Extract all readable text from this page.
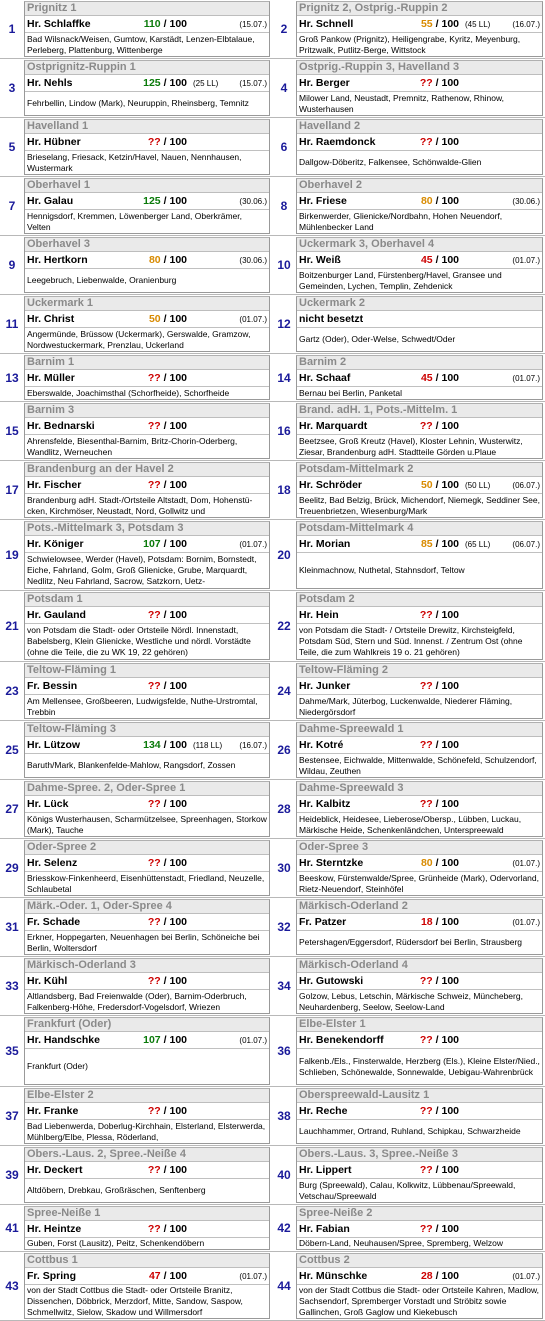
1
Prignitz 1
Hr. Schlaffke	110 / 100	(15.07.)
Bad Wilsnack/Weisen, Gumtow, Karstädt, Lenzen-Elbtalaue, Perleberg, Plattenburg, Wittenberge
2
Prignitz 2, Ostprig.-Ruppin 2
Hr. Schnell	55 / 100 (45 LL)	(16.07.)
Groß Pankow (Prignitz), Heiligengrabe, Kyritz, Meyenburg, Pritzwalk, Putlitz-Berge, Wittstock
3
Ostprignitz-Ruppin 1
Hr. Nehls	125 / 100 (25 LL)	(15.07.)
Fehrbellin, Lindow (Mark), Neuruppin, Rheinsberg, Temnitz
4
Ostprig.-Ruppin 3, Havelland 3
Hr. Berger	?? / 100
Milower Land, Neustadt, Premnitz, Rathenow, Rhinow, Wusterhausen
5
Havelland 1
Hr. Hübner	?? / 100
Brieselang, Friesack, Ketzin/Havel, Nauen, Nennhausen, Wustermark
6
Havelland 2
Hr. Raemdonck	?? / 100
Dallgow-Döberitz, Falkensee, Schönwalde-Glien
7
Oberhavel 1
Hr. Galau	125 / 100	(30.06.)
Hennigsdorf, Kremmen, Löwenberger Land, Oberkrämer, Velten
8
Oberhavel 2
Hr. Friese	80 / 100	(30.06.)
Birkenwerder, Glienicke/Nordbahn, Hohen Neuendorf, Mühlenbecker Land
9
Oberhavel 3
Hr. Hertkorn	80 / 100	(30.06.)
Leegebruch, Liebenwalde, Oranienburg
10
Uckermark 3, Oberhavel 4
Hr. Weiß	45 / 100	(01.07.)
Boitzenburger Land, Fürstenberg/Havel, Gransee und Gemeinden, Lychen, Templin, Zehdenick
11
Uckermark 1
Hr. Christ	50 / 100	(01.07.)
Angermünde, Brüssow (Uckermark), Gerswalde, Gramzow, Nordwestuckermark, Prenzlau, Uckerland
12
Uckermark 2
nicht besetzt
Gartz (Oder), Oder-Welse, Schwedt/Oder
13
Barnim 1
Hr. Müller	?? / 100
Eberswalde, Joachimsthal (Schorfheide), Schorfheide
14
Barnim 2
Hr. Schaaf	45 / 100	(01.07.)
Bernau bei Berlin, Panketal
15
Barnim 3
Hr. Bednarski	?? / 100
Ahrensfelde, Biesenthal-Barnim, Britz-Chorin-Oderberg, Wandlitz, Werneuchen
16
Brand. adH. 1, Pots.-Mittelm. 1
Hr. Marquardt	?? / 100
Beetzsee, Groß Kreutz (Havel), Kloster Lehnin, Wusterwitz, Ziesar, Brandenburg adH. Stadtteile Görden u.Plaue
17
Brandenburg an der Havel 2
Hr. Fischer	?? / 100
Brandenburg adH. Stadt-/Ortsteile Altstadt, Dom, Hohenstü-cken, Kirchmöser, Neustadt, Nord, Gollwitz und
18
Potsdam-Mittelmark 2
Hr. Schröder	50 / 100 (50 LL)	(06.07.)
Beelitz, Bad Belzig, Brück, Michendorf, Niemegk, Seddiner See, Treuenbrietzen, Wiesenburg/Mark
19
Pots.-Mittelmark 3, Potsdam 3
Hr. Königer	107 / 100	(01.07.)
Schwielowsee, Werder (Havel), Potsdam: Bornim, Bornstedt, Eiche, Fahrland, Golm, Groß Glienicke, Grube, Marquardt, Nedlitz, Neu Fahrland, Sacrow, Satzkorn, Uetz-
20
Potsdam-Mittelmark 4
Hr. Morian	85 / 100 (65 LL)	(06.07.)
Kleinmachnow, Nuthetal, Stahnsdorf, Teltow
21
Potsdam 1
Hr. Gauland	?? / 100
von Potsdam die Stadt- oder Ortsteile Nördl. Innenstadt, Babelsberg, Klein Glienicke, Westliche und nördl. Vorstädte (ohne die Teile, die zu WK 19, 22 gehören)
22
Potsdam 2
Hr. Hein	?? / 100
von Potsdam die Stadt- / Ortsteile Drewitz, Kirchsteigfeld, Potsdam Süd, Stern und Süd. Innenst. / Zentrum Ost (ohne Teile, die zum Wahlkreis 19 o. 21 gehören)
23
Teltow-Fläming 1
Fr. Bessin	?? / 100
Am Mellensee, Großbeeren, Ludwigsfelde, Nuthe-Urstromtal, Trebbin
24
Teltow-Fläming 2
Hr. Junker	?? / 100
Dahme/Mark, Jüterbog, Luckenwalde, Niederer Fläming, Niedergörsdorf
25
Teltow-Fläming 3
Hr. Lützow	134 / 100 (118 LL)	(16.07.)
Baruth/Mark, Blankenfelde-Mahlow, Rangsdorf, Zossen
26
Dahme-Spreewald 1
Hr. Kotré	?? / 100
Bestensee, Eichwalde, Mittenwalde, Schönefeld, Schulzendorf, Wildau, Zeuthen
27
Dahme-Spree. 2, Oder-Spree 1
Hr. Lück	?? / 100
Königs Wusterhausen, Scharmützelsee, Spreenhagen, Storkow (Mark), Tauche
28
Dahme-Spreewald 3
Hr. Kalbitz	?? / 100
Heideblick, Heidesee, Lieberose/Obersp., Lübben, Luckau, Märkische Heide, Schenkenländchen, Unterspreewald
29
Oder-Spree 2
Hr. Selenz	?? / 100
Briesskow-Finkenheerd, Eisenhüttenstadt, Friedland, Neuzelle, Schlaubetal
30
Oder-Spree 3
Hr. Sterntzke	80 / 100	(01.07.)
Beeskow, Fürstenwalde/Spree, Grünheide (Mark), Odervorland, Rietz-Neuendorf, Steinhöfel
31
Märk.-Oder. 1, Oder-Spree 4
Fr. Schade	?? / 100
Erkner, Hoppegarten, Neuenhagen bei Berlin, Schöneiche bei Berlin, Woltersdorf
32
Märkisch-Oderland 2
Fr. Patzer	18 / 100	(01.07.)
Petershagen/Eggersdorf, Rüdersdorf bei Berlin, Strausberg
33
Märkisch-Oderland 3
Hr. Kühl	?? / 100
Altlandsberg, Bad Freienwalde (Oder), Barnim-Oderbruch, Falkenberg-Höhe, Fredersdorf-Vogelsdorf, Wriezen
34
Märkisch-Oderland 4
Hr. Gutowski	?? / 100
Golzow, Lebus, Letschin, Märkische Schweiz, Müncheberg, Neuhardenberg, Seelow, Seelow-Land
35
Frankfurt (Oder)
Hr. Handschke	107 / 100	(01.07.)
Frankfurt (Oder)
36
Elbe-Elster 1
Hr. Benekendorff	?? / 100
Falkenb./Els., Finsterwalde, Herzberg (Els.), Kleine Elster/Nied., Schlieben, Schönewalde, Sonnewalde, Uebigau-Wahrenbrück
37
Elbe-Elster 2
Hr. Franke	?? / 100
Bad Liebenwerda, Doberlug-Kirchhain, Elsterland, Elsterwerda, Mühlberg/Elbe, Plessa, Röderland,
38
Oberspreewald-Lausitz 1
Hr. Reche	?? / 100
Lauchhammer, Ortrand, Ruhland, Schipkau, Schwarzheide
39
Obers.-Laus. 2, Spree.-Neiße 4
Hr. Deckert	?? / 100
Altdöbern, Drebkau, Großräschen, Senftenberg
40
Obers.-Laus. 3, Spree.-Neiße 3
Hr. Lippert	?? / 100
Burg (Spreewald), Calau, Kolkwitz, Lübbenau/Spreewald, Vetschau/Spreewald
41
Spree-Neiße 1
Hr. Heintze	?? / 100
Guben, Forst (Lausitz), Peitz, Schenkendöbern
42
Spree-Neiße 2
Hr. Fabian	?? / 100
Döbern-Land, Neuhausen/Spree, Spremberg, Welzow
43
Cottbus 1
Fr. Spring	47 / 100	(01.07.)
von der Stadt Cottbus die Stadt- oder Ortsteile Branitz, Dissenchen, Döbbrick, Merzdorf, Mitte, Sandow, Saspow, Schmellwitz, Sielow, Skadow und Willmersdorf
44
Cottbus 2
Hr. Münschke	28 / 100	(01.07.)
von der Stadt Cottbus die Stadt- oder Ortsteile Kahren, Madlow, Sachsendorf, Spremberger Vorstadt und Ströbitz sowie Gallinchen, Groß Gaglow und Kiekebusch
